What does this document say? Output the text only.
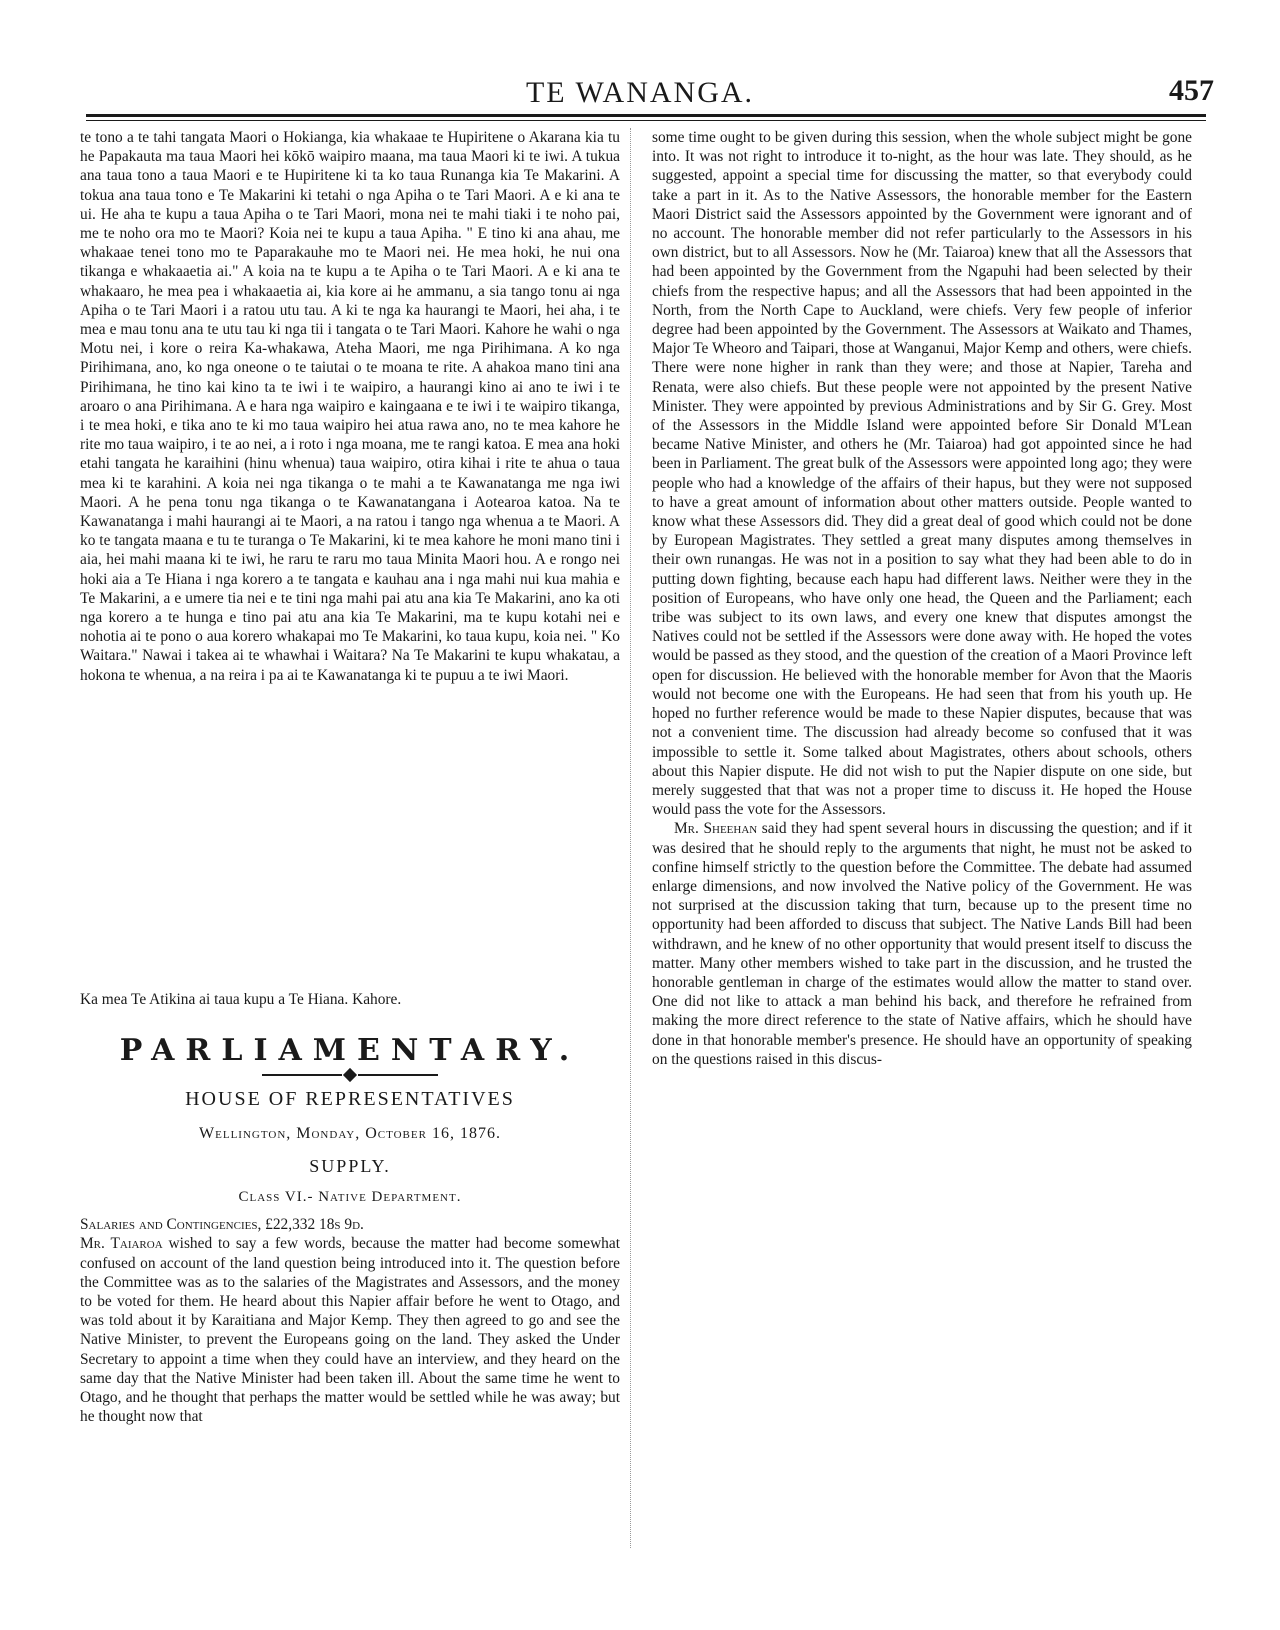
TE WANANGA.	457

te tono a te tahi tangata Maori o Hokianga, kia whakaae te Hupiritene o Akarana kia tu he Papakauta ma taua Maori hei kōkō waipiro maana, ma taua Maori ki te iwi. A tukua ana taua tono a taua Maori e te Hupiritene ki ta ko taua Runanga kia Te Makarini. A tokua ana taua tono e Te Makarini ki tetahi o nga Apiha o te Tari Maori. A e ki ana te ui. He aha te kupu a taua Apiha o te Tari Maori, mona nei te mahi tiaki i te noho pai, me te noho ora mo te Maori? Koia nei te kupu a taua Apiha. " E tino ki ana ahau, me whakaae tenei tono mo te Paparakauhe mo te Maori nei. He mea hoki, he nui ona tikanga e whakaaetia ai." A koia na te kupu a te Apiha o te Tari Maori. A e ki ana te whakaaro, he mea pea i whakaaetia ai, kia kore ai he ammanu, a sia tango tonu ai nga Apiha o te Tari Maori i a ratou utu tau. A ki te nga ka haurangi te Maori, hei aha, i te mea e mau tonu ana te utu tau ki nga tii i tangata o te Tari Maori. Kahore he wahi o nga Motu nei, i kore o reira Ka-whakawa, Ateha Maori, me nga Pirihimana. A ko nga Pirihimana, ano, ko nga oneone o te taiutai o te moana te rite. A ahakoa mano tini ana Pirihimana, he tino kai kino ta te iwi i te waipiro, a haurangi kino ai ano te iwi i te aroaro o ana Pirihimana. A e hara nga waipiro e kaingaana e te iwi i te waipiro tikanga, i te mea hoki, e tika ano te ki mo taua waipiro hei atua rawa ano, no te mea kahore he rite mo taua waipiro, i te ao nei, a i roto i nga moana, me te rangi katoa. E mea ana hoki etahi tangata he karaihini (hinu whenua) taua waipiro, otira kihai i rite te ahua o taua mea ki te karahini. A koia nei nga tikanga o te mahi a te Kawanatanga me nga iwi Maori. A he pena tonu nga tikanga o te Kawanatangana i Aotearoa katoa. Na te Kawanatanga i mahi haurangi ai te Maori, a na ratou i tango nga whenua a te Maori. A ko te tangata maana e tu te turanga o Te Makarini, ki te mea kahore he moni mano tini i aia, hei mahi maana ki te iwi, he raru te raru mo taua Minita Maori hou. A e rongo nei hoki aia a Te Hiana i nga korero a te tangata e kauhau ana i nga mahi nui kua mahia e Te Makarini, a e umere tia nei e te tini nga mahi pai atu ana kia Te Makarini, ano ka oti nga korero a te hunga e tino pai atu ana kia Te Makarini, ma te kupu kotahi nei e nohotia ai te pono o aua korero whakapai mo Te Makarini, ko taua kupu, koia nei. " Ko Waitara." Nawai i takea ai te whawhai i Waitara? Na Te Makarini te kupu whakatau, a hokona te whenua, a na reira i pa ai te Kawanatanga ki te pupuu a te iwi Maori.

Ka mea Te Atikina ai taua kupu a Te Hiana. Kahore.

PARLIAMENTARY.
HOUSE OF REPRESENTATIVES
Wellington, Monday, October 16, 1876.
SUPPLY.
Class VI.- Native Department.

Salaries and Contingencies, £22,332 18s 9d.

Mr. Taiaroa wished to say a few words, because the matter had become somewhat confused on account of the land question being introduced into it. The question before the Committee was as to the salaries of the Magistrates and Assessors, and the money to be voted for them. He heard about this Napier affair before he went to Otago, and was told about it by Karaitiana and Major Kemp. They then agreed to go and see the Native Minister, to prevent the Europeans going on the land. They asked the Under Secretary to appoint a time when they could have an interview, and they heard on the same day that the Native Minister had been taken ill. About the same time he went to Otago, and he thought that perhaps the matter would be settled while he was away; but he thought now that

some time ought to be given during this session, when the whole subject might be gone into. It was not right to introduce it to-night, as the hour was late. They should, as he suggested, appoint a special time for discussing the matter, so that everybody could take a part in it. As to the Native Assessors, the honorable member for the Eastern Maori District said the Assessors appointed by the Government were ignorant and of no account. The honorable member did not refer particularly to the Assessors in his own district, but to all Assessors. Now he (Mr. Taiaroa) knew that all the Assessors that had been appointed by the Government from the Ngapuhi had been selected by their chiefs from the respective hapus; and all the Assessors that had been appointed in the North, from the North Cape to Auckland, were chiefs. Very few people of inferior degree had been appointed by the Government. The Assessors at Waikato and Thames, Major Te Wheoro and Taipari, those at Wanganui, Major Kemp and others, were chiefs. There were none higher in rank than they were; and those at Napier, Tareha and Renata, were also chiefs. But these people were not appointed by the present Native Minister. They were appointed by previous Administrations and by Sir G. Grey. Most of the Assessors in the Middle Island were appointed before Sir Donald M'Lean became Native Minister, and others he (Mr. Taiaroa) had got appointed since he had been in Parliament. The great bulk of the Assessors were appointed long ago; they were people who had a knowledge of the affairs of their hapus, but they were not supposed to have a great amount of information about other matters outside. People wanted to know what these Assessors did. They did a great deal of good which could not be done by European Magistrates. They settled a great many disputes among themselves in their own runangas. He was not in a position to say what they had been able to do in putting down fighting, because each hapu had different laws. Neither were they in the position of Europeans, who have only one head, the Queen and the Parliament; each tribe was subject to its own laws, and every one knew that disputes amongst the Natives could not be settled if the Assessors were done away with. He hoped the votes would be passed as they stood, and the question of the creation of a Maori Province left open for discussion. He believed with the honorable member for Avon that the Maoris would not become one with the Europeans. He had seen that from his youth up. He hoped no further reference would be made to these Napier disputes, because that was not a convenient time. The discussion had already become so confused that it was impossible to settle it. Some talked about Magistrates, others about schools, others about this Napier dispute. He did not wish to put the Napier dispute on one side, but merely suggested that that was not a proper time to discuss it. He hoped the House would pass the vote for the Assessors.

Mr. Sheehan said they had spent several hours in discussing the question; and if it was desired that he should reply to the arguments that night, he must not be asked to confine himself strictly to the question before the Committee. The debate had assumed enlarge dimensions, and now involved the Native policy of the Government. He was not surprised at the discussion taking that turn, because up to the present time no opportunity had been afforded to discuss that subject. The Native Lands Bill had been withdrawn, and he knew of no other opportunity that would present itself to discuss the matter. Many other members wished to take part in the discussion, and he trusted the honorable gentleman in charge of the estimates would allow the matter to stand over. One did not like to attack a man behind his back, and therefore he refrained from making the more direct reference to the state of Native affairs, which he should have done in that honorable member's presence. He should have an opportunity of speaking on the questions raised in this discus-
